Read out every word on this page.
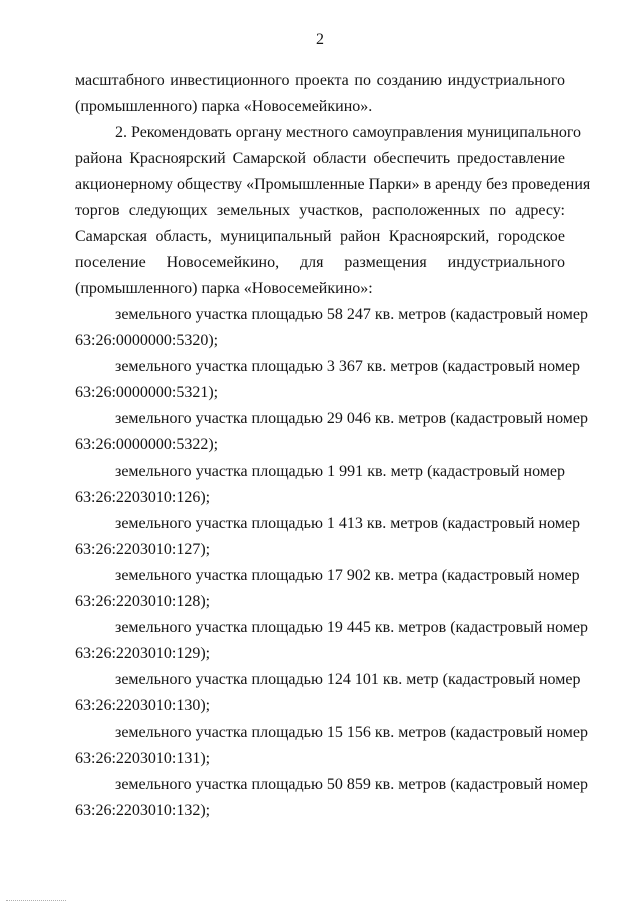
2
масштабного инвестиционного проекта по созданию индустриального
(промышленного) парка «Новосемейкино».
2. Рекомендовать органу местного самоуправления муниципального
района Красноярский Самарской области обеспечить предоставление
акционерному обществу «Промышленные Парки» в аренду без проведения
торгов следующих земельных участков, расположенных по адресу:
Самарская область, муниципальный район Красноярский, городское
поселение Новосемейкино, для размещения индустриального
(промышленного) парка «Новосемейкино»:
земельного участка площадью 58 247 кв. метров (кадастровый номер
63:26:0000000:5320);
земельного участка площадью 3 367 кв. метров (кадастровый номер
63:26:0000000:5321);
земельного участка площадью 29 046 кв. метров (кадастровый номер
63:26:0000000:5322);
земельного участка площадью 1 991 кв. метр (кадастровый номер
63:26:2203010:126);
земельного участка площадью 1 413 кв. метров (кадастровый номер
63:26:2203010:127);
земельного участка площадью 17 902 кв. метра (кадастровый номер
63:26:2203010:128);
земельного участка площадью 19 445 кв. метров (кадастровый номер
63:26:2203010:129);
земельного участка площадью 124 101 кв. метр (кадастровый номер
63:26:2203010:130);
земельного участка площадью 15 156 кв. метров (кадастровый номер
63:26:2203010:131);
земельного участка площадью 50 859 кв. метров (кадастровый номер
63:26:2203010:132);
